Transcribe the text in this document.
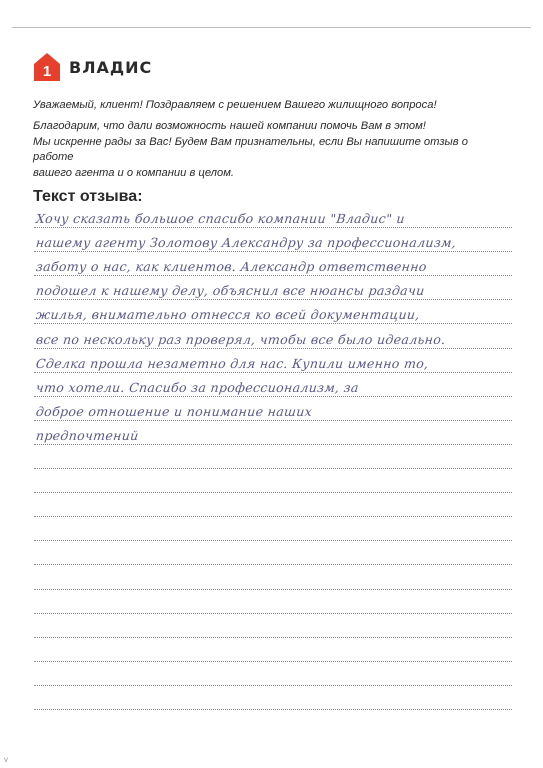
1 ВЛАДИС

Уважаемый, клиент! Поздравляем с решением Вашего жилищного вопроса!

Благодарим, что дали возможность нашей компании помочь Вам в этом!
Мы искренне рады за Вас! Будем Вам признательны, если Вы напишите отзыв о работе
вашего агента и о компании в целом.

Текст отзыва:
Хочу сказать большое спасибо компании "Владис" и
нашему агенту Золотову Александру за профессионализм,
заботу о нас, как клиентов. Александр ответственно
подошел к нашему делу, объяснил все нюансы раздачи
жилья, внимательно отнесся ко всей документации,
все по нескольку раз проверял, чтобы все было идеально.
Сделка прошла незаметно для нас. Купили именно то,
что хотели. Спасибо за профессионализм, за
доброе отношение и понимание наших
предпочтений
v
